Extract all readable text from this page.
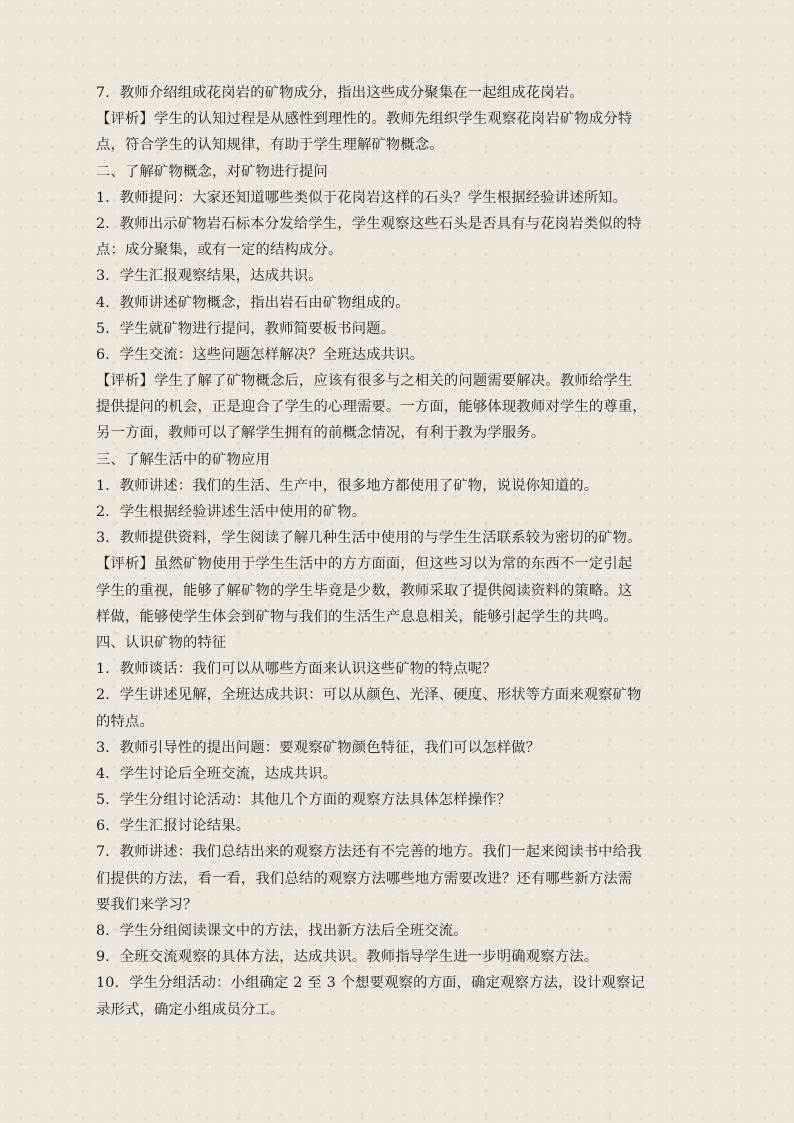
7．教师介绍组成花岗岩的矿物成分，指出这些成分聚集在一起组成花岗岩。
【评析】学生的认知过程是从感性到理性的。教师先组织学生观察花岗岩矿物成分特
点，符合学生的认知规律，有助于学生理解矿物概念。
二、了解矿物概念，对矿物进行提问
1．教师提问：大家还知道哪些类似于花岗岩这样的石头？学生根据经验讲述所知。
2．教师出示矿物岩石标本分发给学生，学生观察这些石头是否具有与花岗岩类似的特
点：成分聚集，或有一定的结构成分。
3．学生汇报观察结果，达成共识。
4．教师讲述矿物概念，指出岩石由矿物组成的。
5．学生就矿物进行提问，教师简要板书问题。
6．学生交流：这些问题怎样解决？全班达成共识。
【评析】学生了解了矿物概念后，应该有很多与之相关的问题需要解决。教师给学生
提供提问的机会，正是迎合了学生的心理需要。一方面，能够体现教师对学生的尊重，
另一方面，教师可以了解学生拥有的前概念情况，有利于教为学服务。
三、了解生活中的矿物应用
1．教师讲述：我们的生活、生产中，很多地方都使用了矿物，说说你知道的。
2．学生根据经验讲述生活中使用的矿物。
3．教师提供资料，学生阅读了解几种生活中使用的与学生生活联系较为密切的矿物。
【评析】虽然矿物使用于学生生活中的方方面面，但这些习以为常的东西不一定引起
学生的重视，能够了解矿物的学生毕竟是少数，教师采取了提供阅读资料的策略。这
样做，能够使学生体会到矿物与我们的生活生产息息相关，能够引起学生的共鸣。
四、认识矿物的特征
1．教师谈话：我们可以从哪些方面来认识这些矿物的特点呢？
2．学生讲述见解，全班达成共识：可以从颜色、光泽、硬度、形状等方面来观察矿物
的特点。
3．教师引导性的提出问题：要观察矿物颜色特征，我们可以怎样做？
4．学生讨论后全班交流，达成共识。
5．学生分组讨论活动：其他几个方面的观察方法具体怎样操作？
6．学生汇报讨论结果。
7．教师讲述：我们总结出来的观察方法还有不完善的地方。我们一起来阅读书中给我
们提供的方法，看一看，我们总结的观察方法哪些地方需要改进？还有哪些新方法需
要我们来学习？
8．学生分组阅读课文中的方法，找出新方法后全班交流。
9．全班交流观察的具体方法，达成共识。教师指导学生进一步明确观察方法。
10．学生分组活动：小组确定 2 至 3 个想要观察的方面，确定观察方法，设计观察记
录形式，确定小组成员分工。
